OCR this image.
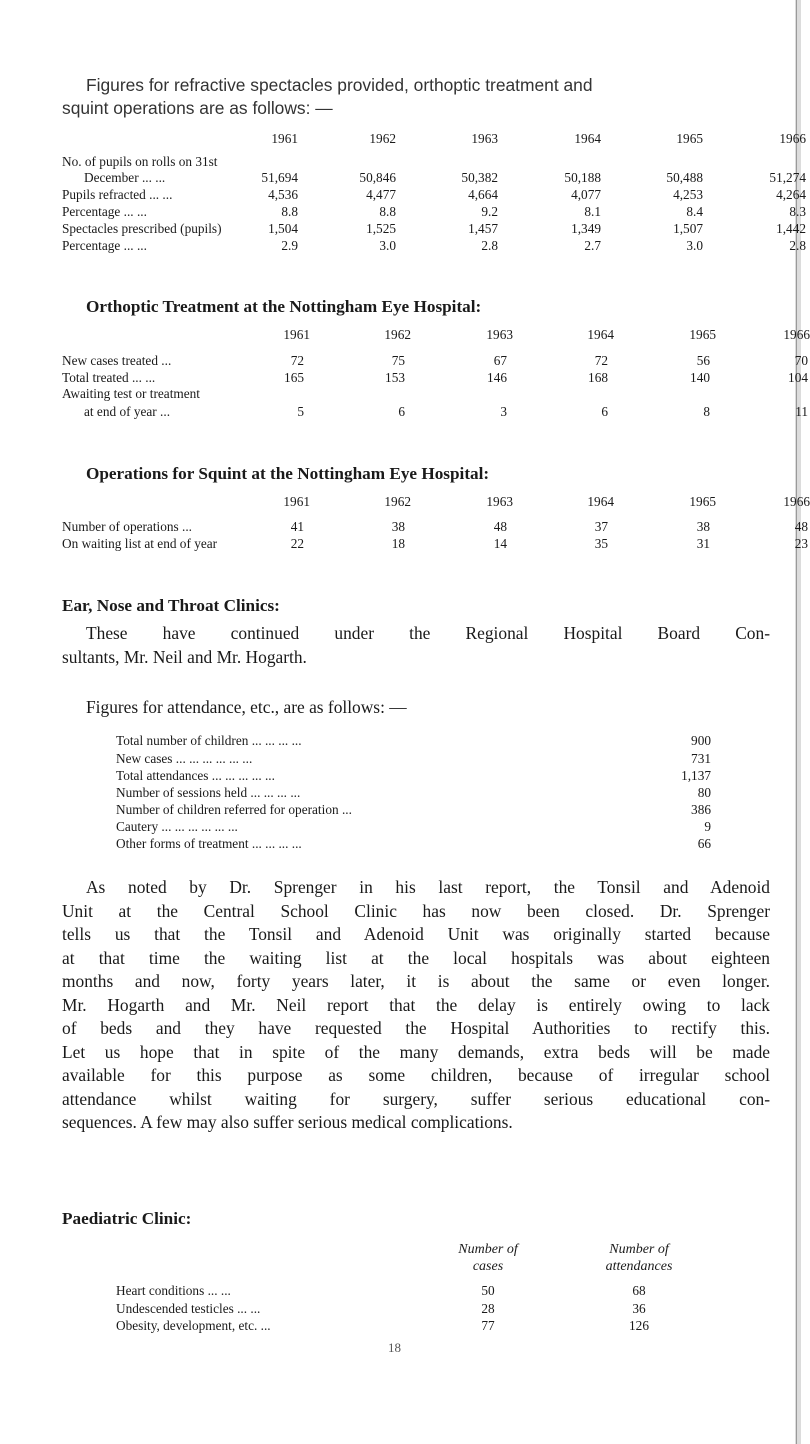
Figures for refractive spectacles provided, orthoptic treatment and
squint operations are as follows: —
1961	1962	1963	1964	1965	1966
No. of pupils on rolls on 31st
December ... ...	51,694	50,846	50,382	50,188	50,488	51,274
Pupils refracted ... ...	4,536	4,477	4,664	4,077	4,253	4,264
Percentage ... ...	8.8	8.8	9.2	8.1	8.4	8.3
Spectacles prescribed (pupils)	1,504	1,525	1,457	1,349	1,507	1,442
Percentage ... ...	2.9	3.0	2.8	2.7	3.0	2.8
Orthoptic Treatment at the Nottingham Eye Hospital:
1961	1962	1963	1964	1965	1966
New cases treated ...	72	75	67	72	56	70
Total treated ... ...	165	153	146	168	140	104
Awaiting test or treatment
at end of year ...	5	6	3	6	8	11
Operations for Squint at the Nottingham Eye Hospital:
1961	1962	1963	1964	1965	1966
Number of operations ...	41	38	48	37	38	48
On waiting list at end of year	22	18	14	35	31	23
Ear, Nose and Throat Clinics:
These have continued under the Regional Hospital Board Con-
sultants, Mr. Neil and Mr. Hogarth.
Figures for attendance, etc., are as follows: —
Total number of children ... ... ... ...	900
New cases ... ... ... ... ... ...	731
Total attendances ... ... ... ... ...	1,137
Number of sessions held ... ... ... ...	80
Number of children referred for operation ...	386
Cautery ... ... ... ... ... ...	9
Other forms of treatment ... ... ... ...	66
As noted by Dr. Sprenger in his last report, the Tonsil and Adenoid
Unit at the Central School Clinic has now been closed. Dr. Sprenger
tells us that the Tonsil and Adenoid Unit was originally started because
at that time the waiting list at the local hospitals was about eighteen
months and now, forty years later, it is about the same or even longer.
Mr. Hogarth and Mr. Neil report that the delay is entirely owing to lack
of beds and they have requested the Hospital Authorities to rectify this.
Let us hope that in spite of the many demands, extra beds will be made
available for this purpose as some children, because of irregular school
attendance whilst waiting for surgery, suffer serious educational con-
sequences. A few may also suffer serious medical complications.
Paediatric Clinic:
Number of
cases
Number of
attendances
Heart conditions ... ...	50	68
Undescended testicles ... ...	28	36
Obesity, development, etc. ...	77	126
18
